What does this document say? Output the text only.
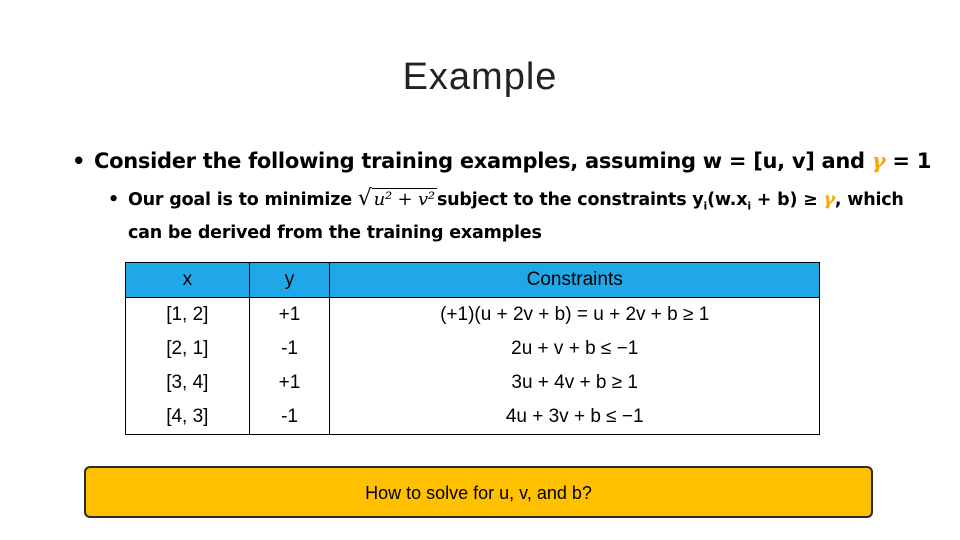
Example
• Consider the following training examples, assuming w = [u, v] and γ = 1
• Our goal is to minimize √ u² + v² subject to the constraints $y_i(w.x_i + b) \ge \gamma$, which
can be derived from the training examples
x	y	Constraints
[1, 2]	+1	(+1)(u + 2v + b) = u + 2v + b ≥ 1
[2, 1]	-1	2u + v + b ≤ −1
[3, 4]	+1	3u + 4v + b ≥ 1
[4, 3]	-1	4u + 3v + b ≤ −1
How to solve for u, v, and b?
